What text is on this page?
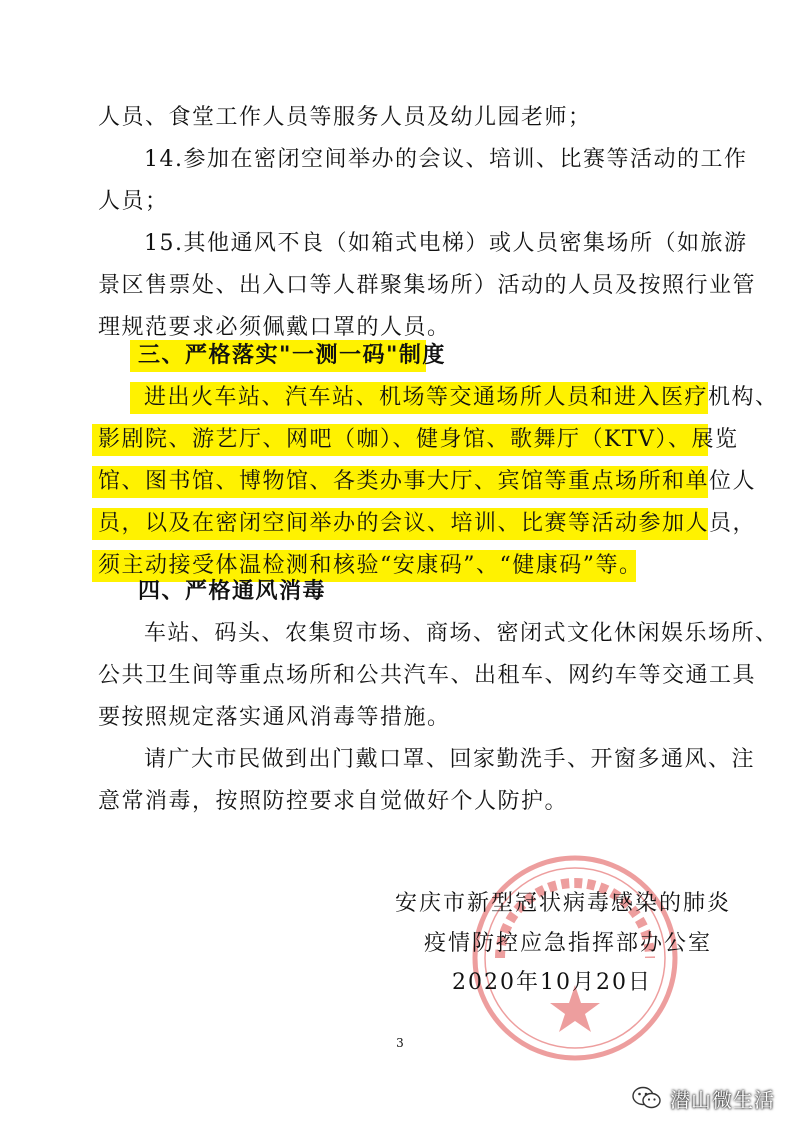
人员、食堂工作人员等服务人员及幼儿园老师；
14.参加在密闭空间举办的会议、培训、比赛等活动的工作
人员；
15.其他通风不良（如箱式电梯）或人员密集场所（如旅游
景区售票处、出入口等人群聚集场所）活动的人员及按照行业管
理规范要求必须佩戴口罩的人员。
三、严格落实"一测一码"制度
进出火车站、汽车站、机场等交通场所人员和进入医疗机构、
影剧院、游艺厅、网吧（咖）、健身馆、歌舞厅（KTV）、展览
馆、图书馆、博物馆、各类办事大厅、宾馆等重点场所和单位人
员，以及在密闭空间举办的会议、培训、比赛等活动参加人员，
须主动接受体温检测和核验“安康码”、“健康码”等。
四、严格通风消毒
车站、码头、农集贸市场、商场、密闭式文化休闲娱乐场所、
公共卫生间等重点场所和公共汽车、出租车、网约车等交通工具
要按照规定落实通风消毒等措施。
请广大市民做到出门戴口罩、回家勤洗手、开窗多通风、注
意常消毒，按照防控要求自觉做好个人防护。
安庆市新型冠状病毒感染的肺炎
疫情防控应急指挥部办公室
2020年10月20日
3
潜山微生活
